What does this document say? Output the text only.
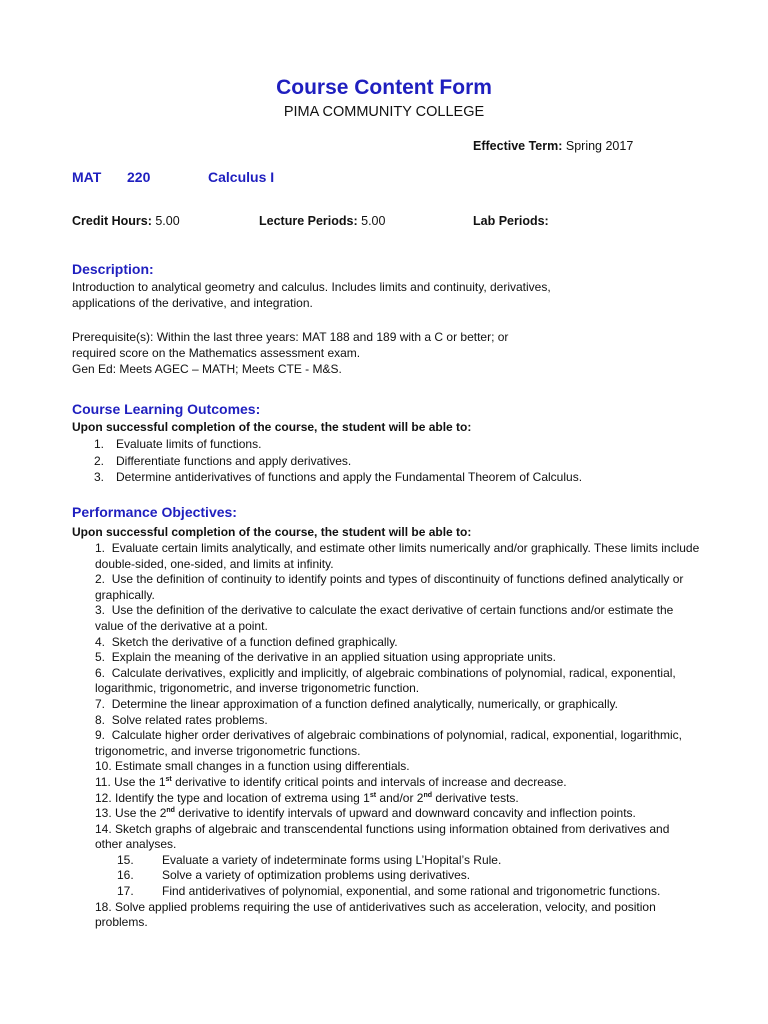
Course Content Form
PIMA COMMUNITY COLLEGE
Effective Term: Spring 2017
MAT 220	Calculus I
Credit Hours: 5.00	Lecture Periods: 5.00	Lab Periods:
Description:

Introduction to analytical geometry and calculus. Includes limits and continuity, derivatives,

applications of the derivative, and integration.

Prerequisite(s): Within the last three years: MAT 188 and 189 with a C or better; or

required score on the Mathematics assessment exam.

Gen Ed: Meets AGEC – MATH; Meets CTE - M&S.

Course Learning Outcomes:
Upon successful completion of the course, the student will be able to:
1. Evaluate limits of functions.
2. Differentiate functions and apply derivatives.
3. Determine antiderivatives of functions and apply the Fundamental Theorem of Calculus.
Performance Objectives:
Upon successful completion of the course, the student will be able to:

1. Evaluate certain limits analytically, and estimate other limits numerically and/or graphically. These limits include double-sided, one-sided, and limits at infinity.

2. Use the definition of continuity to identify points and types of discontinuity of functions defined analytically or graphically.

3. Use the definition of the derivative to calculate the exact derivative of certain functions and/or estimate the value of the derivative at a point.

4. Sketch the derivative of a function defined graphically.

5. Explain the meaning of the derivative in an applied situation using appropriate units.

6. Calculate derivatives, explicitly and implicitly, of algebraic combinations of polynomial, radical, exponential, logarithmic, trigonometric, and inverse trigonometric function.

7. Determine the linear approximation of a function defined analytically, numerically, or graphically.

8. Solve related rates problems.

9. Calculate higher order derivatives of algebraic combinations of polynomial, radical, exponential, logarithmic, trigonometric, and inverse trigonometric functions.

10. Estimate small changes in a function using differentials.

11. Use the 1st derivative to identify critical points and intervals of increase and decrease.

12. Identify the type and location of extrema using 1st and/or 2nd derivative tests.

13. Use the 2nd derivative to identify intervals of upward and downward concavity and inflection points.

14. Sketch graphs of algebraic and transcendental functions using information obtained from derivatives and other analyses.

15. Evaluate a variety of indeterminate forms using L’Hopital’s Rule.

16. Solve a variety of optimization problems using derivatives.

17. Find antiderivatives of polynomial, exponential, and some rational and trigonometric functions.

18. Solve applied problems requiring the use of antiderivatives such as acceleration, velocity, and position problems.
